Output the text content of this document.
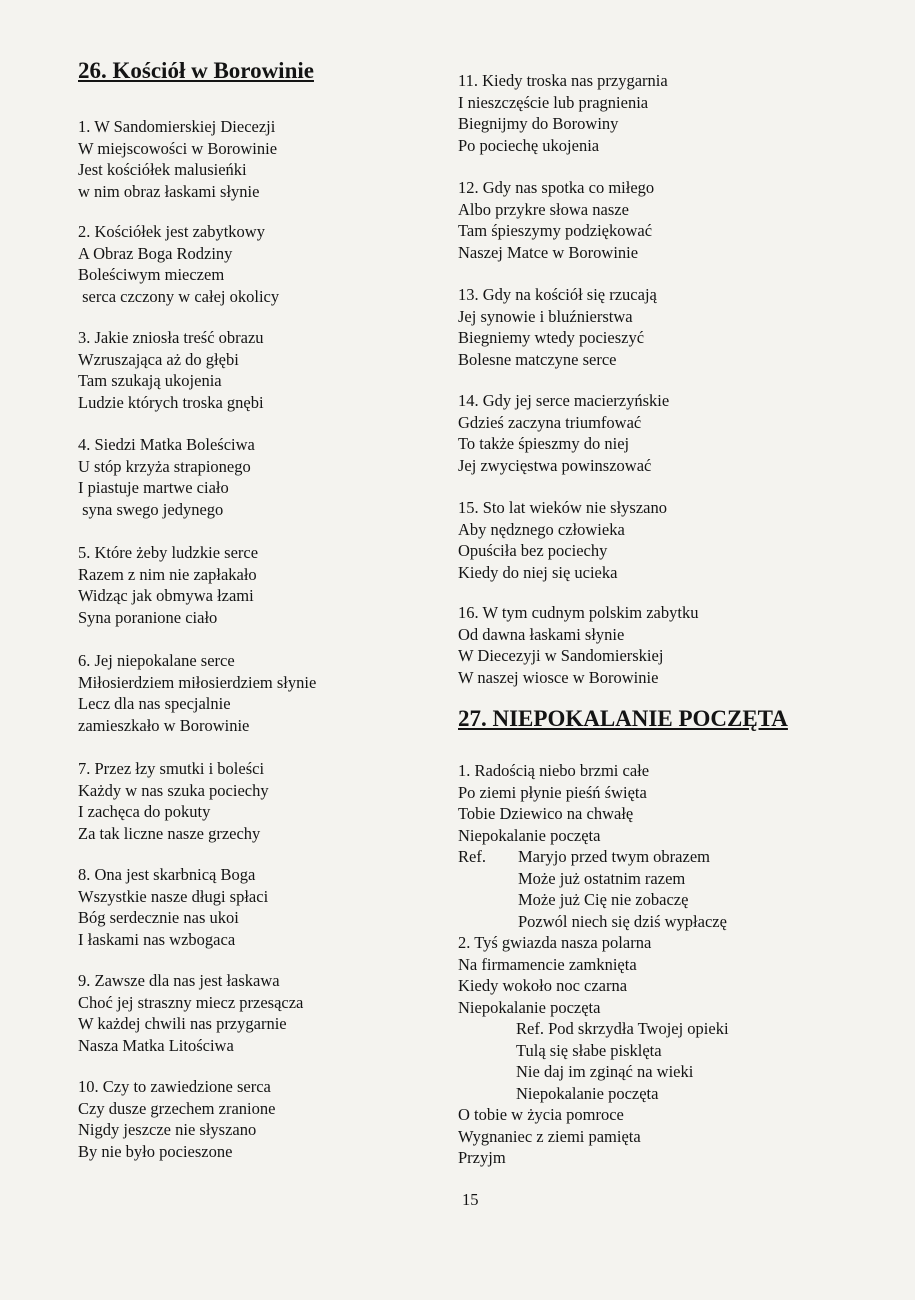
26. Kościół w Borowinie
1. W Sandomierskiej Diecezji
W miejscowości w Borowinie
Jest kościółek malusieńki
w nim obraz łaskami słynie
2. Kościółek jest zabytkowy
A Obraz Boga Rodziny
Boleściwym mieczem
serca czczony w całej okolicy
3. Jakie zniosła treść obrazu
Wzruszająca aż do głębi
Tam szukają ukojenia
Ludzie których troska gnębi
4. Siedzi Matka Boleściwa
U stóp krzyża strapionego
I piastuje martwe ciało
syna swego jedynego
5. Które żeby ludzkie serce
Razem z nim nie zapłakało
Widząc jak obmywa łzami
Syna poranione ciało
6. Jej niepokalane serce
Miłosierdziem miłosierdziem słynie
Lecz dla nas specjalnie
zamieszkało w Borowinie
7. Przez łzy smutki i boleści
Każdy w nas szuka pociechy
I zachęca do pokuty
Za tak liczne nasze grzechy
8. Ona jest skarbnicą Boga
Wszystkie nasze długi spłaci
Bóg serdecznie nas ukoi
I łaskami nas wzbogaca
9. Zawsze dla nas jest łaskawa
Choć jej straszny miecz przesącza
W każdej chwili nas przygarnie
Nasza Matka Litościwa
10. Czy to zawiedzione serca
Czy dusze grzechem zranione
Nigdy jeszcze nie słyszano
By nie było pocieszone
11. Kiedy troska nas przygarnia
I nieszczęście lub pragnienia
Biegnijmy do Borowiny
Po pociechę ukojenia
12. Gdy nas spotka co miłego
Albo przykre słowa nasze
Tam śpieszymy podziękować
Naszej Matce w Borowinie
13. Gdy na kościół się rzucają
Jej synowie i bluźnierstwa
Biegniemy wtedy pocieszyć
Bolesne matczyne serce
14. Gdy jej serce macierzyńskie
Gdzieś zaczyna triumfować
To także śpieszmy do niej
Jej zwycięstwa powinszować
15. Sto lat wieków nie słyszano
Aby nędznego człowieka
Opuściła bez pociechy
Kiedy do niej się ucieka
16. W tym cudnym polskim zabytku
Od dawna łaskami słynie
W Diecezyji w Sandomierskiej
W naszej wiosce w Borowinie
27. NIEPOKALANIE POCZĘTA
1. Radością niebo brzmi całe
Po ziemi płynie pieśń święta
Tobie Dziewico na chwałę
Niepokalanie poczęta
Ref.	Maryjo przed twym obrazem
Może już ostatnim razem
Może już Cię nie zobaczę
Pozwól niech się dziś wypłaczę
2. Tyś gwiazda nasza polarna
Na firmamencie zamknięta
Kiedy wokoło noc czarna
Niepokalanie poczęta
Ref. Pod skrzydła Twojej opieki
Tulą się słabe pisklęta
Nie daj im zginąć na wieki
Niepokalanie poczęta
O tobie w życia pomroce
Wygnaniec z ziemi pamięta
Przyjm
15
